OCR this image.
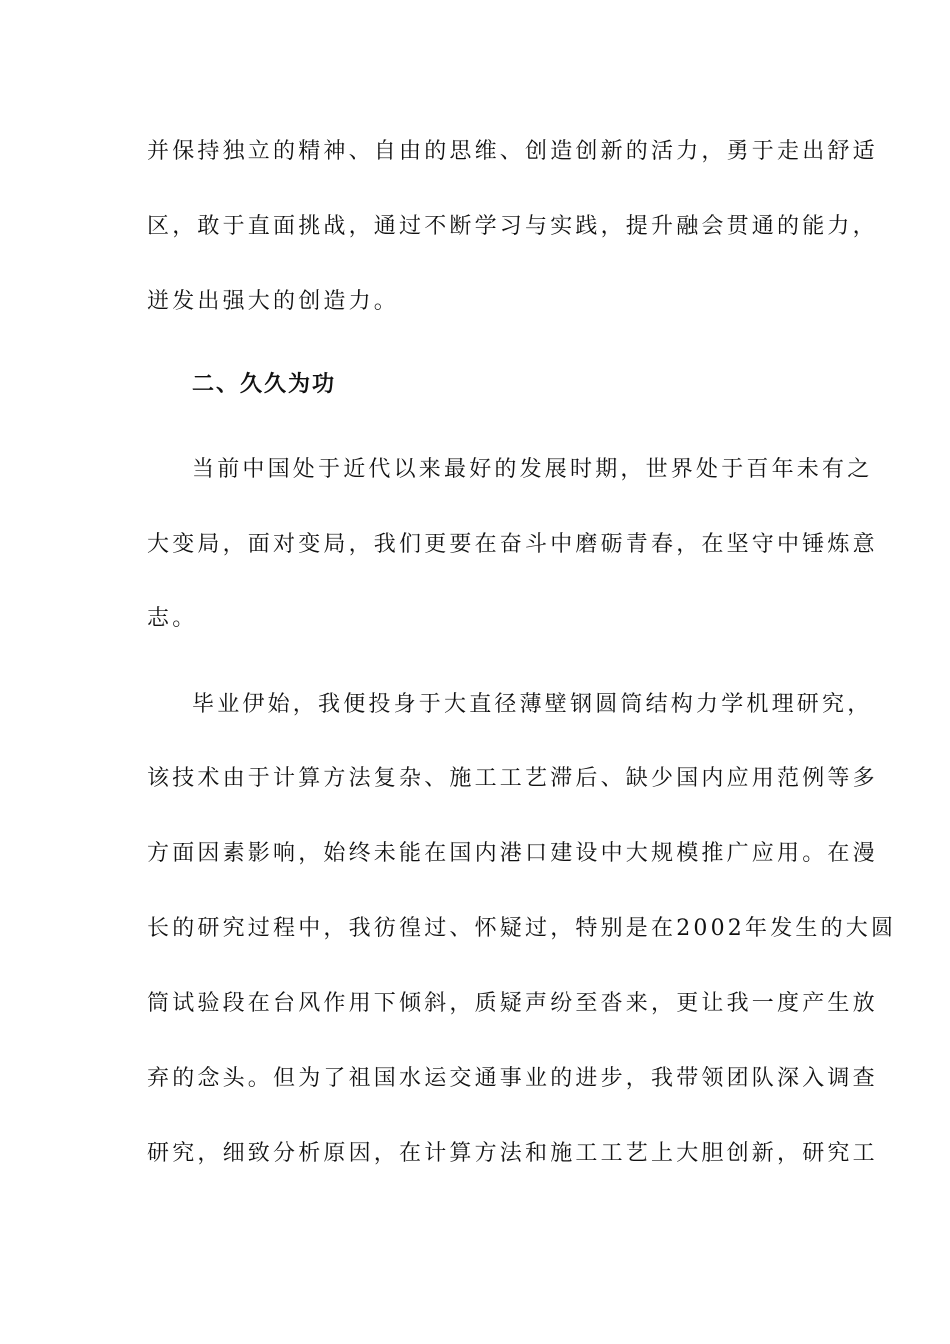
并保持独立的精神、自由的思维、创造创新的活力，勇于走出舒适
区，敢于直面挑战，通过不断学习与实践，提升融会贯通的能力，
迸发出强大的创造力。
二、久久为功
当前中国处于近代以来最好的发展时期，世界处于百年未有之
大变局，面对变局，我们更要在奋斗中磨砺青春，在坚守中锤炼意
志。
毕业伊始，我便投身于大直径薄壁钢圆筒结构力学机理研究，
该技术由于计算方法复杂、施工工艺滞后、缺少国内应用范例等多
方面因素影响，始终未能在国内港口建设中大规模推广应用。在漫
长的研究过程中，我彷徨过、怀疑过，特别是在2002年发生的大圆
筒试验段在台风作用下倾斜，质疑声纷至沓来，更让我一度产生放
弃的念头。但为了祖国水运交通事业的进步，我带领团队深入调查
研究，细致分析原因，在计算方法和施工工艺上大胆创新，研究工
